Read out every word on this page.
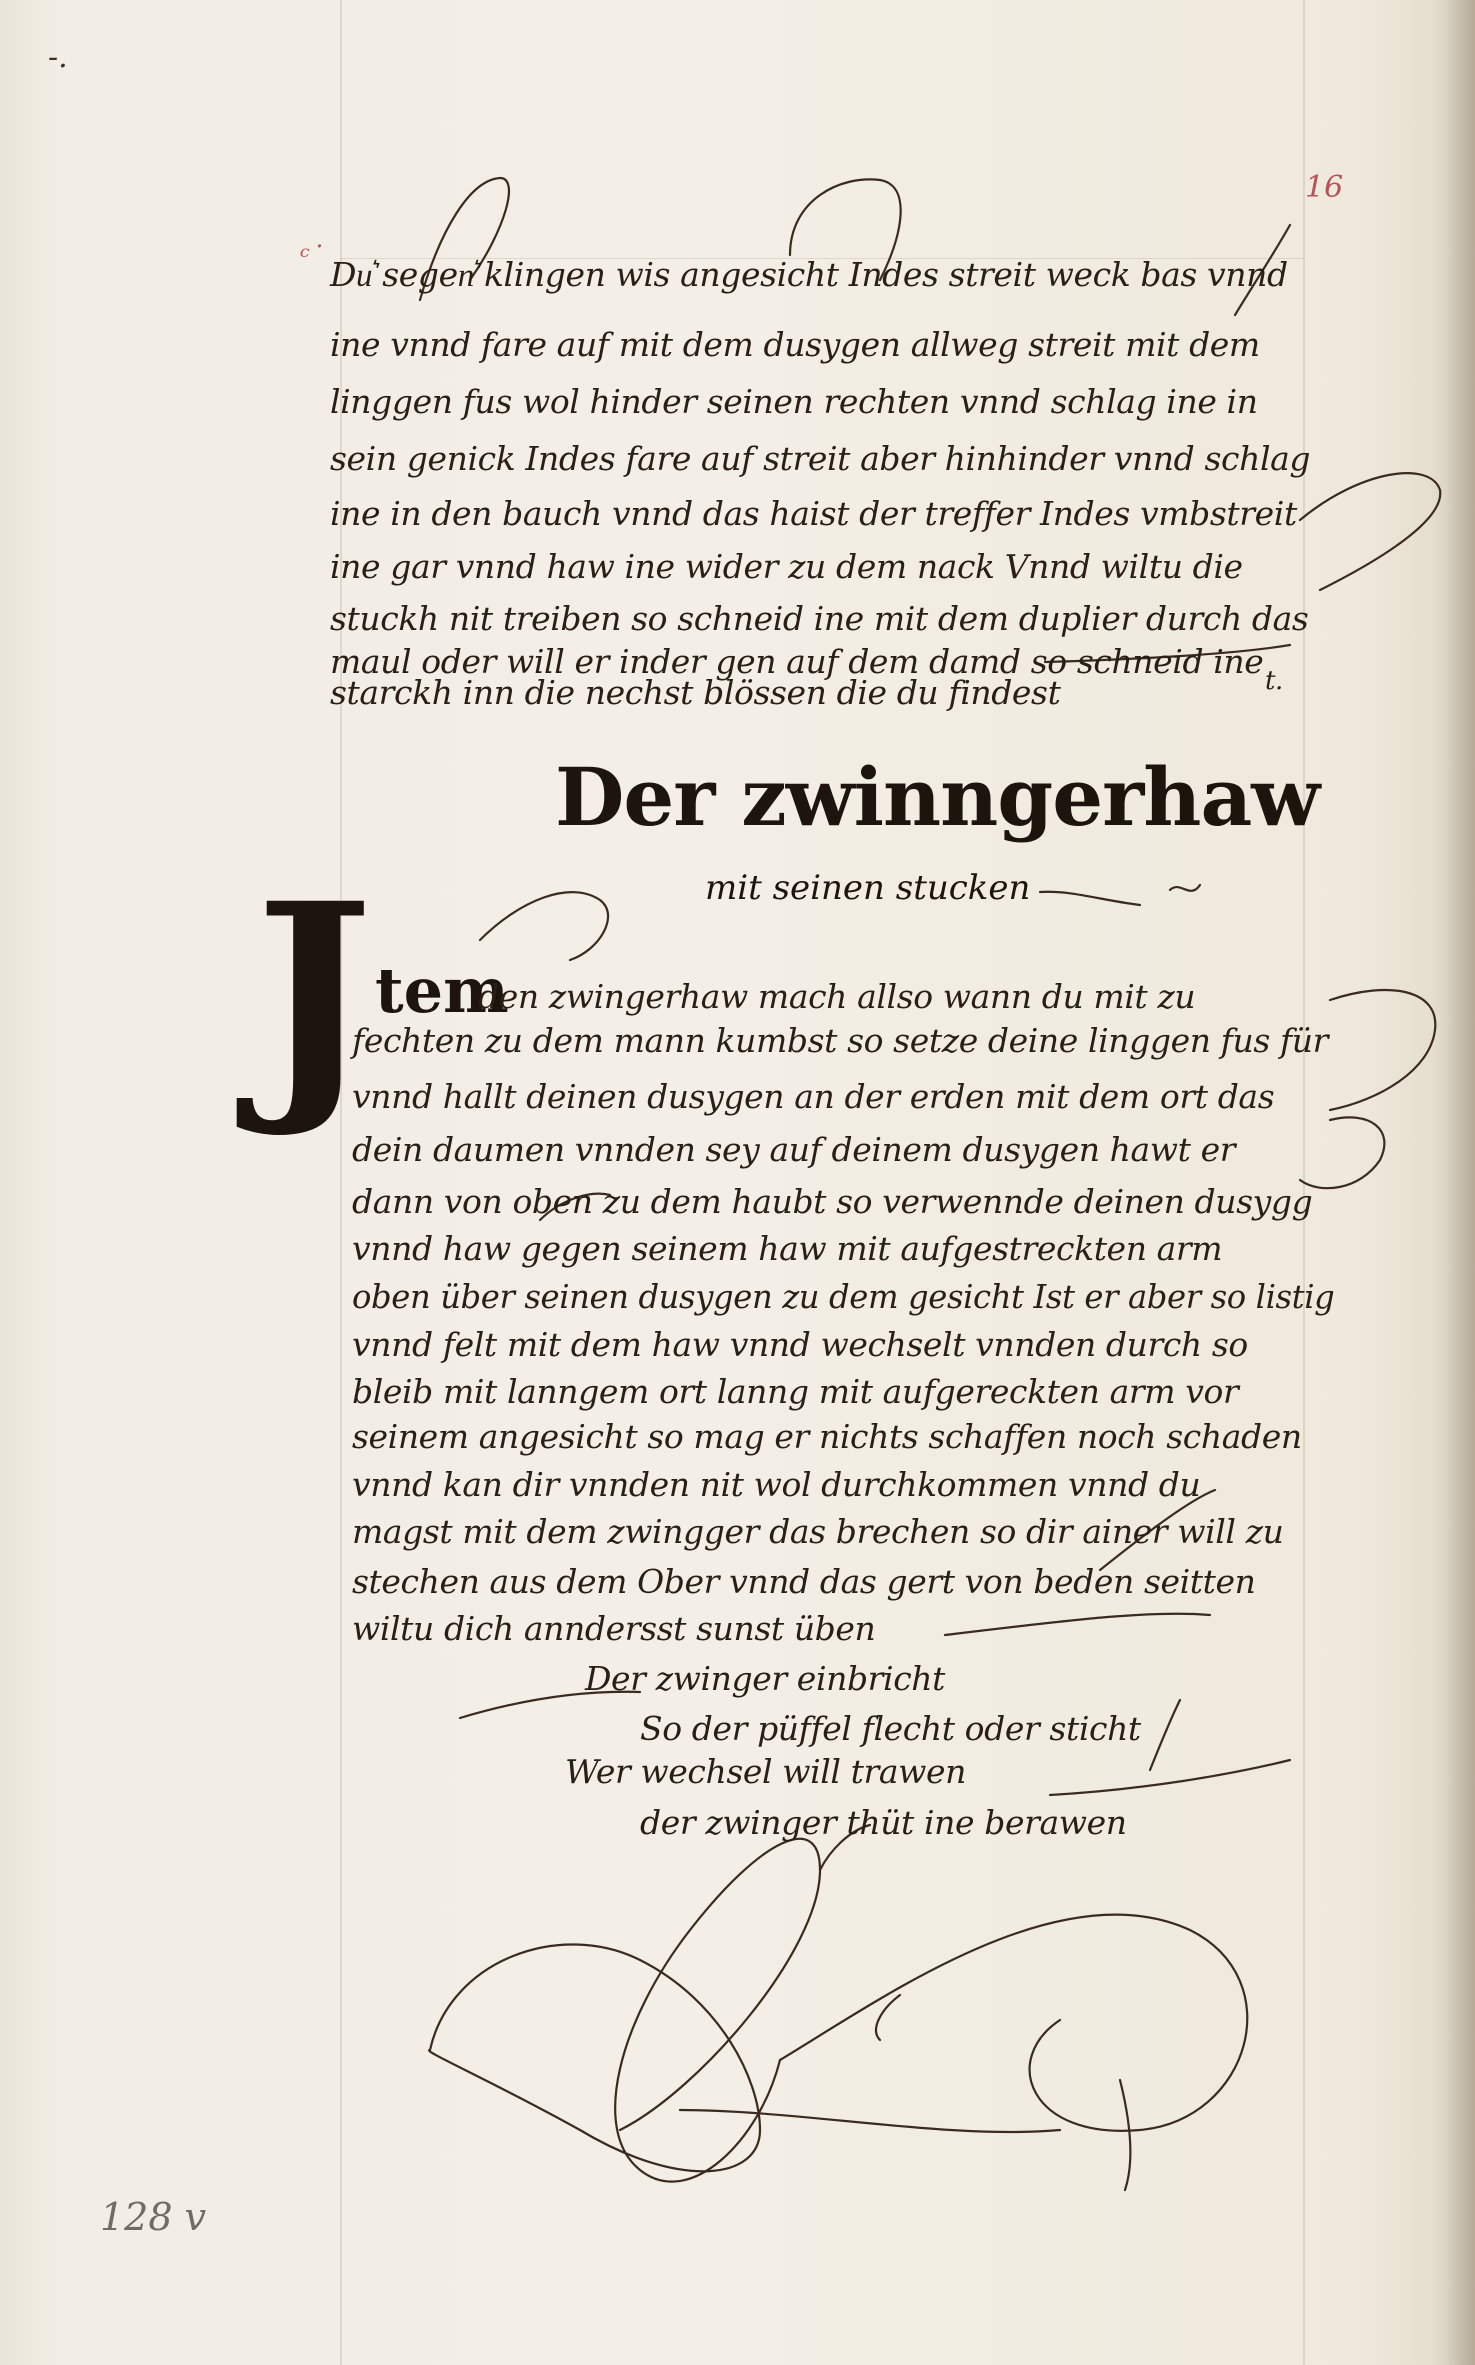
-.
16
ᶜ˙
128 v
Du͛ segen͛ klingen wis angesicht Indes streit weck bas vnnd
ine vnnd fare auf mit dem dusygen allweg streit mit dem
linggen fus wol hinder seinen rechten vnnd schlag ine in
sein genick Indes fare auf streit aber hinhinder vnnd schlag
ine in den bauch vnnd das haist der treffer Indes vmbstreit
ine gar vnnd haw ine wider zu dem nack Vnnd wiltu die
stuckh nit treiben so schneid ine mit dem duplier durch das
maul oder will er inder gen auf dem damd so schneid ine
starckh inn die nechst blössen die du findest	t.
Der zwinngerhaw
mit seinen stucken
J tem
den zwingerhaw mach allso wann du mit zu
fechten zu dem mann kumbst so setze deine linggen fus für
vnnd hallt deinen dusygen an der erden mit dem ort das
dein daumen vnnden sey auf deinem dusygen hawt er
dann von oben zu dem haubt so verwennde deinen dusygg
vnnd haw gegen seinem haw mit aufgestreckten arm
oben über seinen dusygen zu dem gesicht Ist er aber so listig
vnnd felt mit dem haw vnnd wechselt vnnden durch so
bleib mit lanngem ort lanng mit aufgereckten arm vor
seinem angesicht so mag er nichts schaffen noch schaden
vnnd kan dir vnnden nit wol durchkommen vnnd du
magst mit dem zwingger das brechen so dir ainer will zu
stechen aus dem Ober vnnd das gert von beden seitten
wiltu dich anndersst sunst üben
Der zwinger einbricht
So der püffel flecht oder sticht
Wer wechsel will trawen
der zwinger thüt ine berawen
